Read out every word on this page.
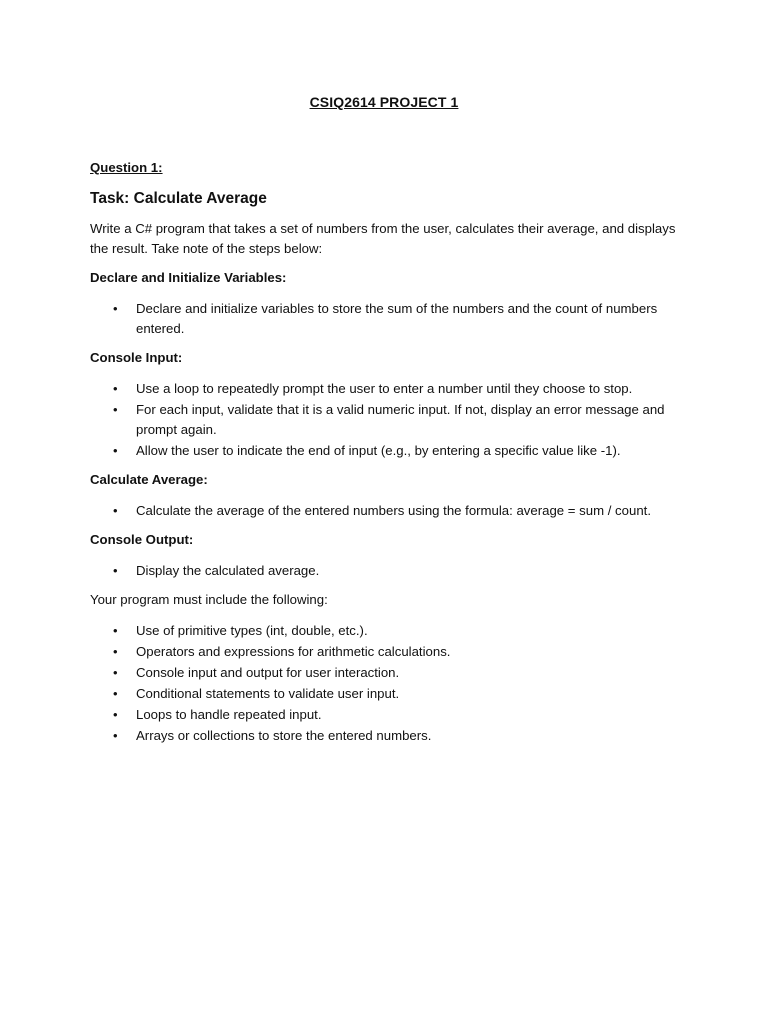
CSIQ2614 PROJECT 1

Question 1:

Task: Calculate Average

Write a C# program that takes a set of numbers from the user, calculates their average, and displays the result. Take note of the steps below:

Declare and Initialize Variables:

• Declare and initialize variables to store the sum of the numbers and the count of numbers entered.

Console Input:

• Use a loop to repeatedly prompt the user to enter a number until they choose to stop.
• For each input, validate that it is a valid numeric input. If not, display an error message and prompt again.
• Allow the user to indicate the end of input (e.g., by entering a specific value like -1).

Calculate Average:

• Calculate the average of the entered numbers using the formula: average = sum / count.

Console Output:

• Display the calculated average.

Your program must include the following:

• Use of primitive types (int, double, etc.).
• Operators and expressions for arithmetic calculations.
• Console input and output for user interaction.
• Conditional statements to validate user input.
• Loops to handle repeated input.
• Arrays or collections to store the entered numbers.
